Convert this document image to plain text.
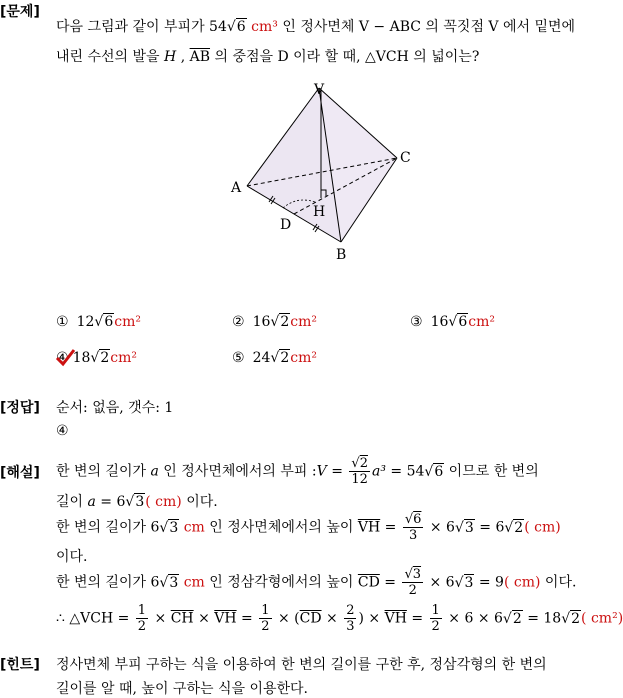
[문제]
다음 그림과 같이 부피가 54√6 cm³ 인 정사면체 V − ABC 의 꼭짓점 V 에서 밑면에
내린 수선의 발을 H , $\overline{AB}$ 의 중점을 D 이라 할 때, △VCH 의 넓이는?
V
A
B
C
D
H
① 12√6cm²	② 16√2cm²	③ 16√6cm²
④ 18√2cm²	⑤ 24√2cm²
[정답] 순서: 없음, 갯수: 1
④
[해설] 한 변의 길이가 a 인 정사면체에서의 부피 :V = $\frac{√2}{12} a^3 = 54√6$ 이므로 한 변의
길이 a = 6√3( cm) 이다.
한 변의 길이가 6√3 cm 인 정사면체에서의 높이 $\overline{VH} = \frac{√6}{3} \times 6√3 = 6√2$( cm)
이다.
한 변의 길이가 6√3 cm 인 정삼각형에서의 높이 $\overline{CD} = \frac{√3}{2} \times 6√3 = 9$( cm) 이다.
∴ △VCH = $\frac{1}{2} \times \overline{CH} \times \overline{VH} = \frac{1}{2} \times (\overline{CD} \times \frac{2}{3}$ ) × $\overline{VH} = \frac{1}{2} \times 6 \times 6√2 = 18√2$( cm²)
[힌트] 정사면체 부피 구하는 식을 이용하여 한 변의 길이를 구한 후, 정삼각형의 한 변의
길이를 알 때, 높이 구하는 식을 이용한다.
